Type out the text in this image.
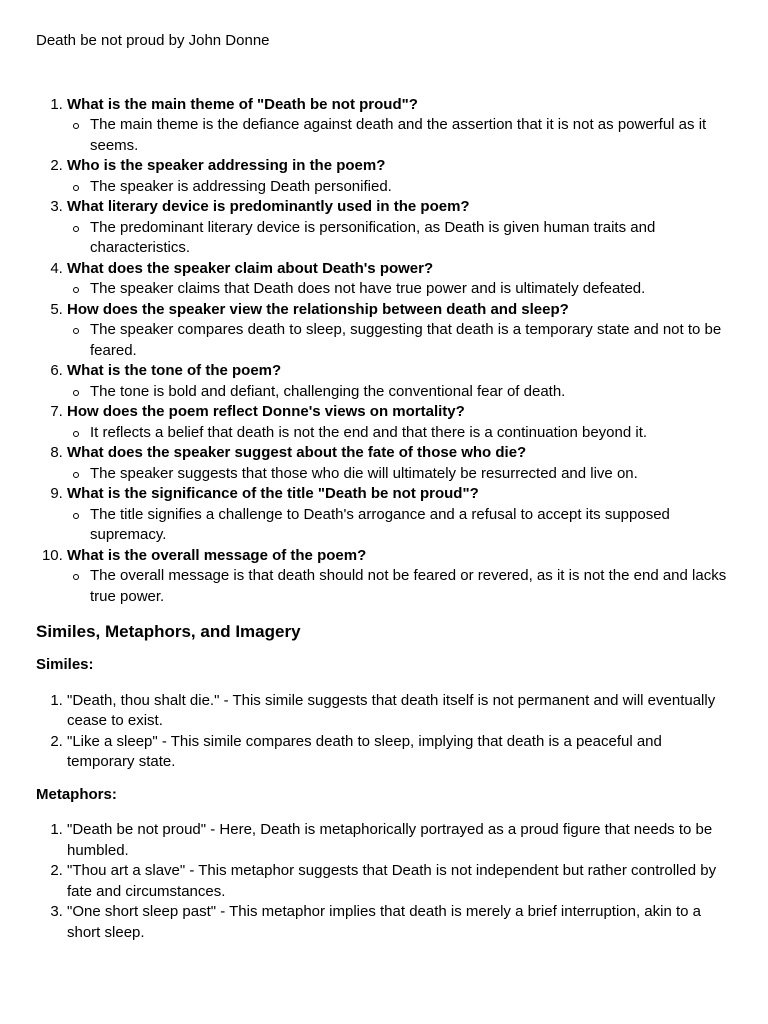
Death be not proud by John Donne

1. What is the main theme of "Death be not proud"?
The main theme is the defiance against death and the assertion that it is not as powerful as it seems.
2. Who is the speaker addressing in the poem?
The speaker is addressing Death personified.
3. What literary device is predominantly used in the poem?
The predominant literary device is personification, as Death is given human traits and characteristics.
4. What does the speaker claim about Death's power?
The speaker claims that Death does not have true power and is ultimately defeated.
5. How does the speaker view the relationship between death and sleep?
The speaker compares death to sleep, suggesting that death is a temporary state and not to be feared.
6. What is the tone of the poem?
The tone is bold and defiant, challenging the conventional fear of death.
7. How does the poem reflect Donne's views on mortality?
It reflects a belief that death is not the end and that there is a continuation beyond it.
8. What does the speaker suggest about the fate of those who die?
The speaker suggests that those who die will ultimately be resurrected and live on.
9. What is the significance of the title "Death be not proud"?
The title signifies a challenge to Death's arrogance and a refusal to accept its supposed supremacy.
10. What is the overall message of the poem?
The overall message is that death should not be feared or revered, as it is not the end and lacks true power.
Similes, Metaphors, and Imagery
Similes:
1. "Death, thou shalt die." - This simile suggests that death itself is not permanent and will eventually cease to exist.
2. "Like a sleep" - This simile compares death to sleep, implying that death is a peaceful and temporary state.
Metaphors:
1. "Death be not proud" - Here, Death is metaphorically portrayed as a proud figure that needs to be humbled.
2. "Thou art a slave" - This metaphor suggests that Death is not independent but rather controlled by fate and circumstances.
3. "One short sleep past" - This metaphor implies that death is merely a brief interruption, akin to a short sleep.
